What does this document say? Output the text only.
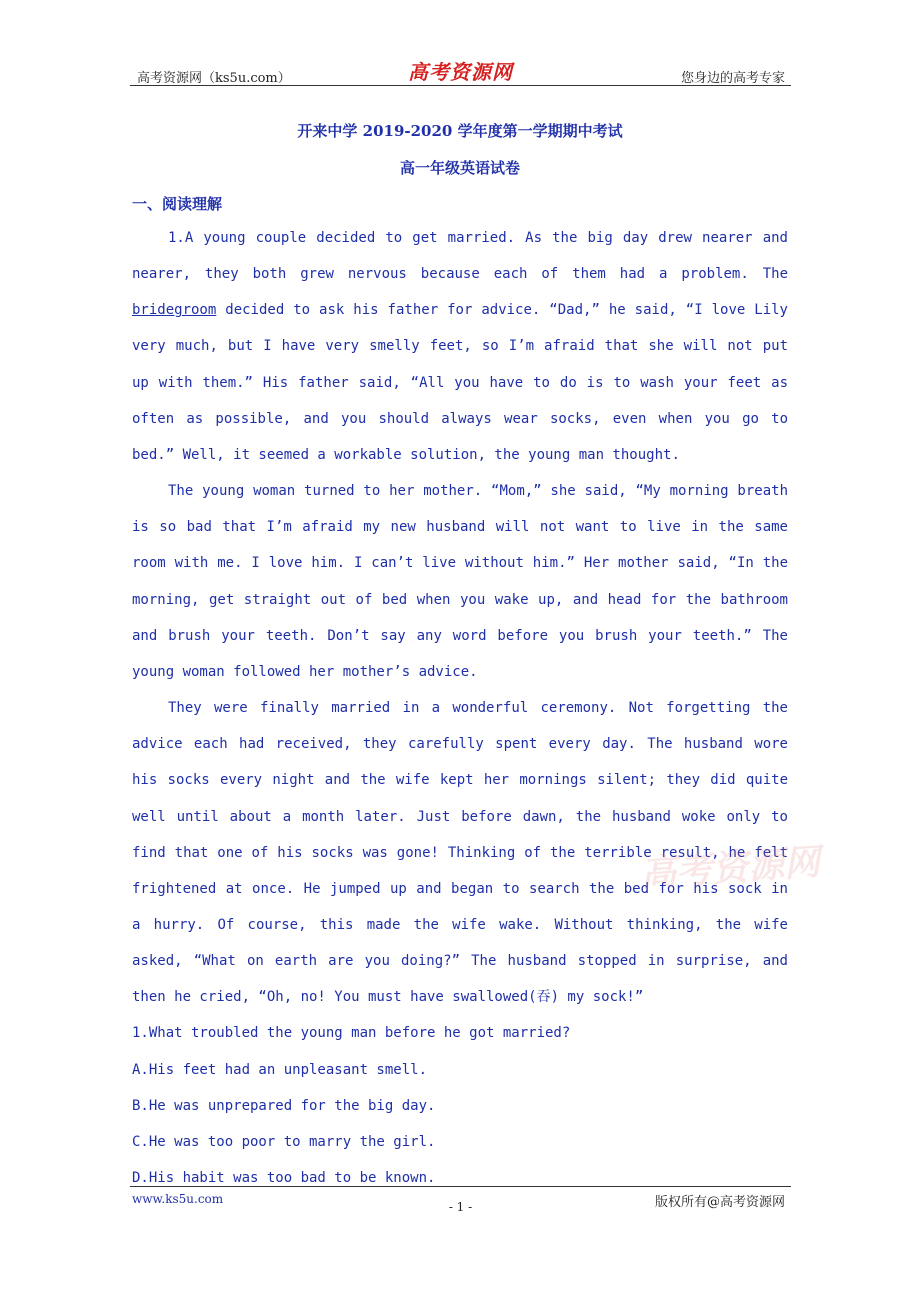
高考资源网（ks5u.com）	高考资源网	您身边的高考专家
开来中学 2019-2020 学年度第一学期期中考试
高一年级英语试卷
一、阅读理解

1.A young couple decided to get married. As the big day drew nearer and nearer, they both grew nervous because each of them had a problem. The bridegroom decided to ask his father for advice. “Dad,” he said, “I love Lily very much, but I have very smelly feet, so I’m afraid that she will not put up with them.” His father said, “All you have to do is to wash your feet as often as possible, and you should always wear socks, even when you go to bed.” Well, it seemed a workable solution, the young man thought.

The young woman turned to her mother. “Mom,” she said, “My morning breath is so bad that I’m afraid my new husband will not want to live in the same room with me. I love him. I can’t live without him.” Her mother said, “In the morning, get straight out of bed when you wake up, and head for the bathroom and brush your teeth. Don’t say any word before you brush your teeth.” The young woman followed her mother’s advice.

They were finally married in a wonderful ceremony. Not forgetting the advice each had received, they carefully spent every day. The husband wore his socks every night and the wife kept her mornings silent; they did quite well until about a month later. Just before dawn, the husband woke only to find that one of his socks was gone! Thinking of the terrible result, he felt frightened at once. He jumped up and began to search the bed for his sock in a hurry. Of course, this made the wife wake. Without thinking, the wife asked, “What on earth are you doing?” The husband stopped in surprise, and then he cried, “Oh, no! You must have swallowed(吞) my sock!”

1.What troubled the young man before he got married?

A.His feet had an unpleasant smell.

B.He was unprepared for the big day.

C.He was too poor to marry the girl.

D.His habit was too bad to be known.

高考资源网
www.ks5u.com
- 1 -	版权所有@高考资源网
